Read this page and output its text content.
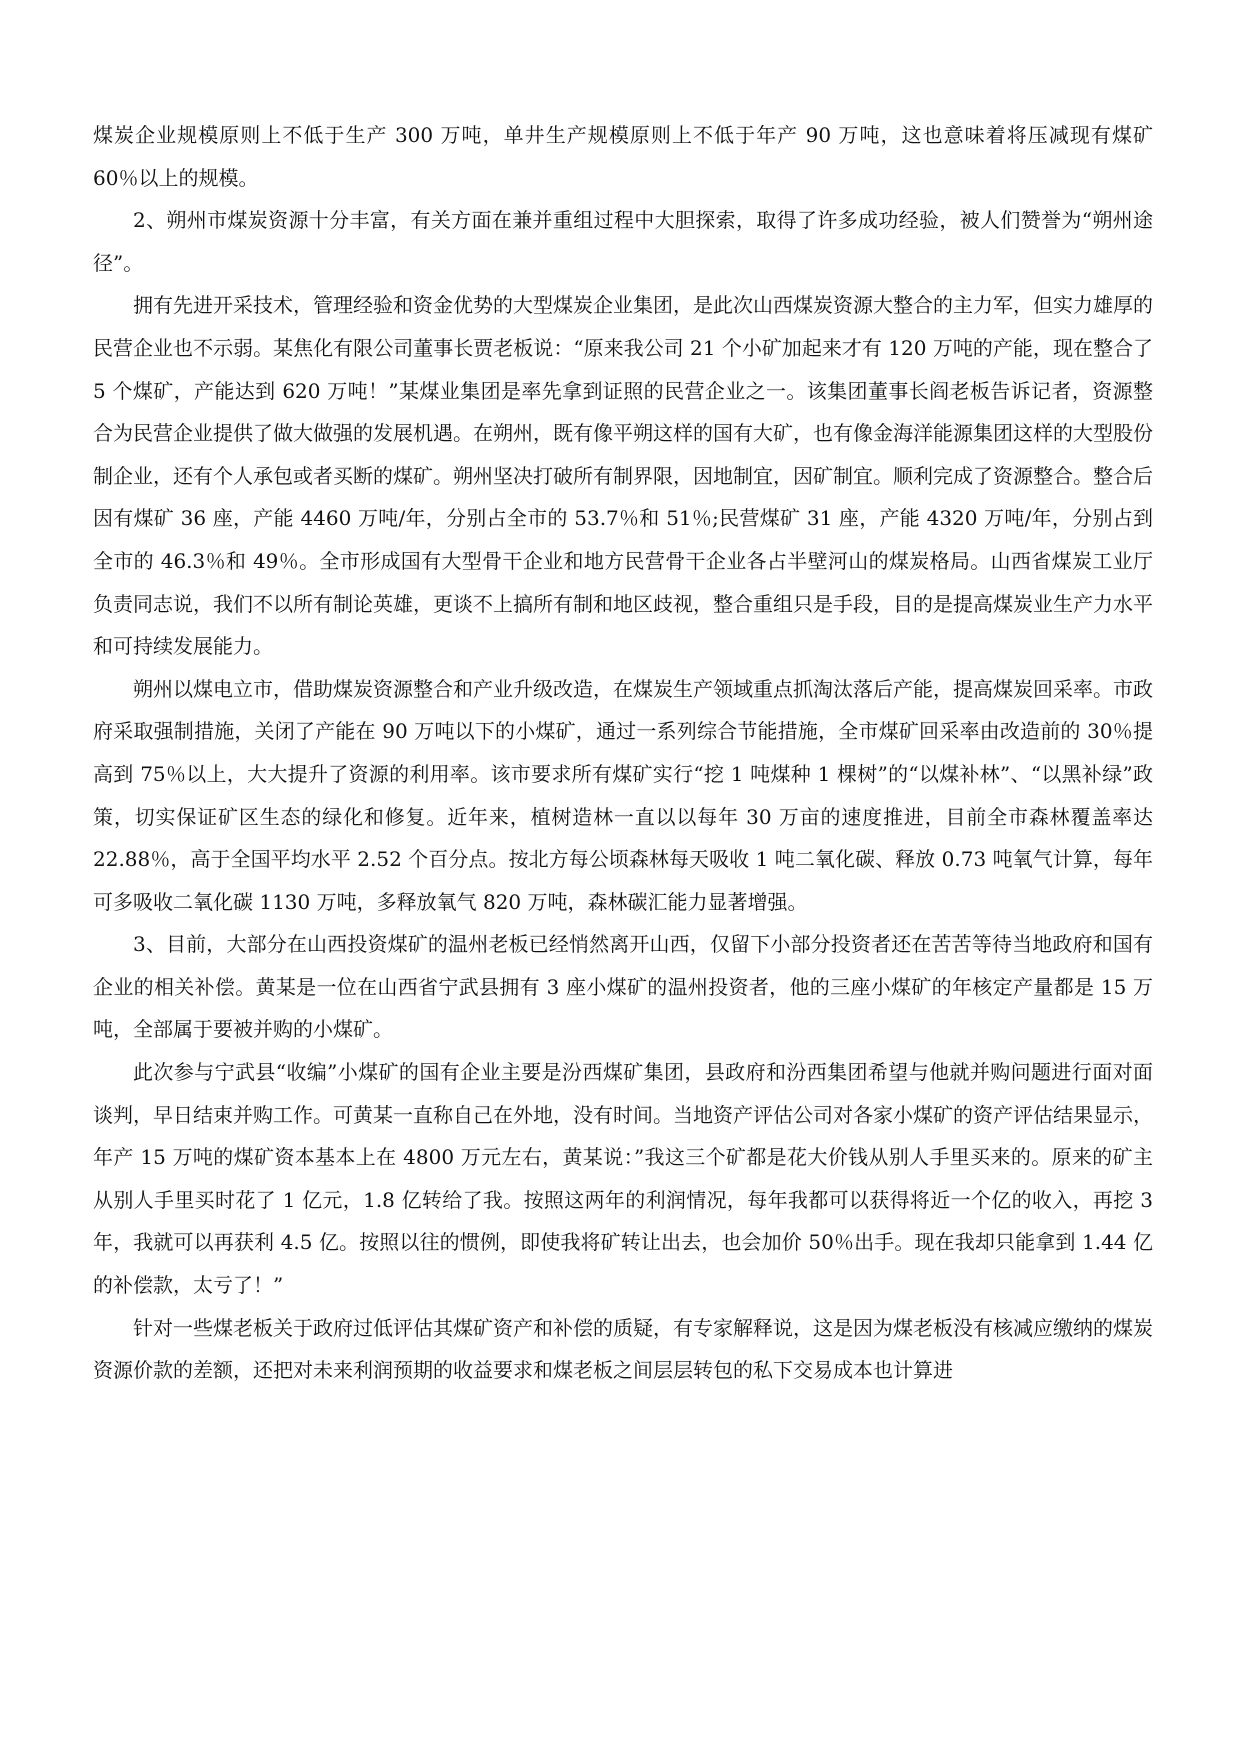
煤炭企业规模原则上不低于生产 300 万吨，单井生产规模原则上不低于年产 90 万吨，这也意味着将压减现有煤矿 60％以上的规模。

2、朔州市煤炭资源十分丰富，有关方面在兼并重组过程中大胆探索，取得了许多成功经验，被人们赞誉为“朔州途径”。

拥有先进开采技术，管理经验和资金优势的大型煤炭企业集团，是此次山西煤炭资源大整合的主力军，但实力雄厚的民营企业也不示弱。某焦化有限公司董事长贾老板说：“原来我公司 21 个小矿加起来才有 120 万吨的产能，现在整合了 5 个煤矿，产能达到 620 万吨！”某煤业集团是率先拿到证照的民营企业之一。该集团董事长阎老板告诉记者，资源整合为民营企业提供了做大做强的发展机遇。在朔州，既有像平朔这样的国有大矿，也有像金海洋能源集团这样的大型股份制企业，还有个人承包或者买断的煤矿。朔州坚决打破所有制界限，因地制宜，因矿制宜。顺利完成了资源整合。整合后因有煤矿 36 座，产能 4460 万吨/年，分别占全市的 53.7％和 51％;民营煤矿 31 座，产能 4320 万吨/年，分别占到全市的 46.3％和 49％。全市形成国有大型骨干企业和地方民营骨干企业各占半壁河山的煤炭格局。山西省煤炭工业厅负责同志说，我们不以所有制论英雄，更谈不上搞所有制和地区歧视，整合重组只是手段，目的是提高煤炭业生产力水平和可持续发展能力。

朔州以煤电立市，借助煤炭资源整合和产业升级改造，在煤炭生产领域重点抓淘汰落后产能，提高煤炭回采率。市政府采取强制措施，关闭了产能在 90 万吨以下的小煤矿，通过一系列综合节能措施，全市煤矿回采率由改造前的 30％提高到 75％以上，大大提升了资源的利用率。该市要求所有煤矿实行“挖 1 吨煤种 1 棵树”的“以煤补林”、“以黑补绿”政策，切实保证矿区生态的绿化和修复。近年来，植树造林一直以以每年 30 万亩的速度推进，目前全市森林覆盖率达 22.88％，高于全国平均水平 2.52 个百分点。按北方每公顷森林每天吸收 1 吨二氧化碳、释放 0.73 吨氧气计算，每年可多吸收二氧化碳 1130 万吨，多释放氧气 820 万吨，森林碳汇能力显著增强。

3、目前，大部分在山西投资煤矿的温州老板已经悄然离开山西，仅留下小部分投资者还在苦苦等待当地政府和国有企业的相关补偿。黄某是一位在山西省宁武县拥有 3 座小煤矿的温州投资者，他的三座小煤矿的年核定产量都是 15 万吨，全部属于要被并购的小煤矿。

此次参与宁武县“收编”小煤矿的国有企业主要是汾西煤矿集团，县政府和汾西集团希望与他就并购问题进行面对面谈判，早日结束并购工作。可黄某一直称自己在外地，没有时间。当地资产评估公司对各家小煤矿的资产评估结果显示，年产 15 万吨的煤矿资本基本上在 4800 万元左右，黄某说：”我这三个矿都是花大价钱从别人手里买来的。原来的矿主从别人手里买时花了 1 亿元，1.8 亿转给了我。按照这两年的利润情况，每年我都可以获得将近一个亿的收入，再挖 3 年，我就可以再获利 4.5 亿。按照以往的惯例，即使我将矿转让出去，也会加价 50％出手。现在我却只能拿到 1.44 亿的补偿款，太亏了！”

针对一些煤老板关于政府过低评估其煤矿资产和补偿的质疑，有专家解释说，这是因为煤老板没有核减应缴纳的煤炭资源价款的差额，还把对未来利润预期的收益要求和煤老板之间层层转包的私下交易成本也计算进
